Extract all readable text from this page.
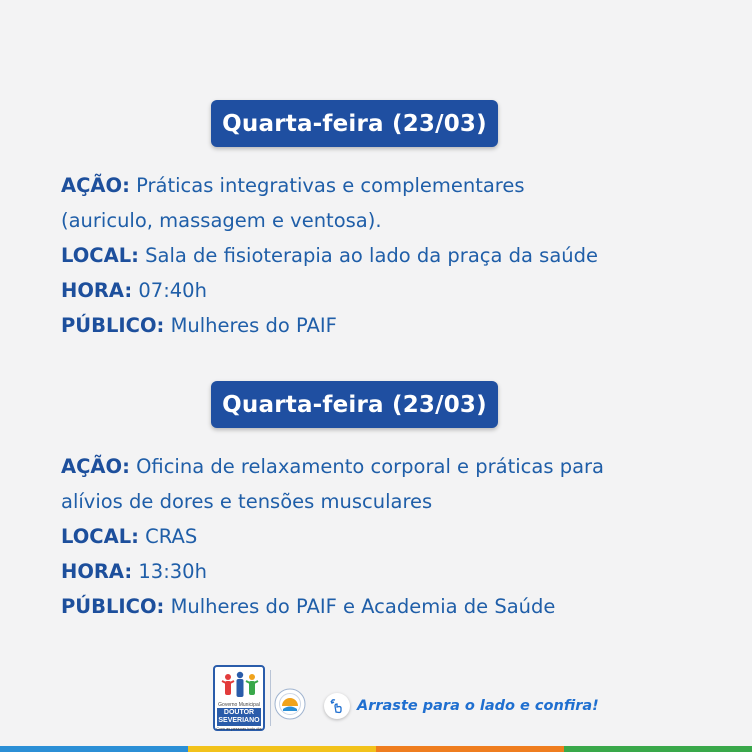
Quarta-feira (23/03)
AÇÃO: Práticas integrativas e complementares
(auriculo, massagem e ventosa).
LOCAL: Sala de fisioterapia ao lado da praça da saúde
HORA: 07:40h
PÚBLICO: Mulheres do PAIF
Quarta-feira (23/03)
AÇÃO: Oficina de relaxamento corporal e práticas para
alívios de dores e tensões musculares
LOCAL: CRAS
HORA: 13:30h
PÚBLICO: Mulheres do PAIF e Academia de Saúde
Governo Municipal
DOUTOR
SEVERIANO
Com as pessoas todo dia
Arraste para o lado e confira!
